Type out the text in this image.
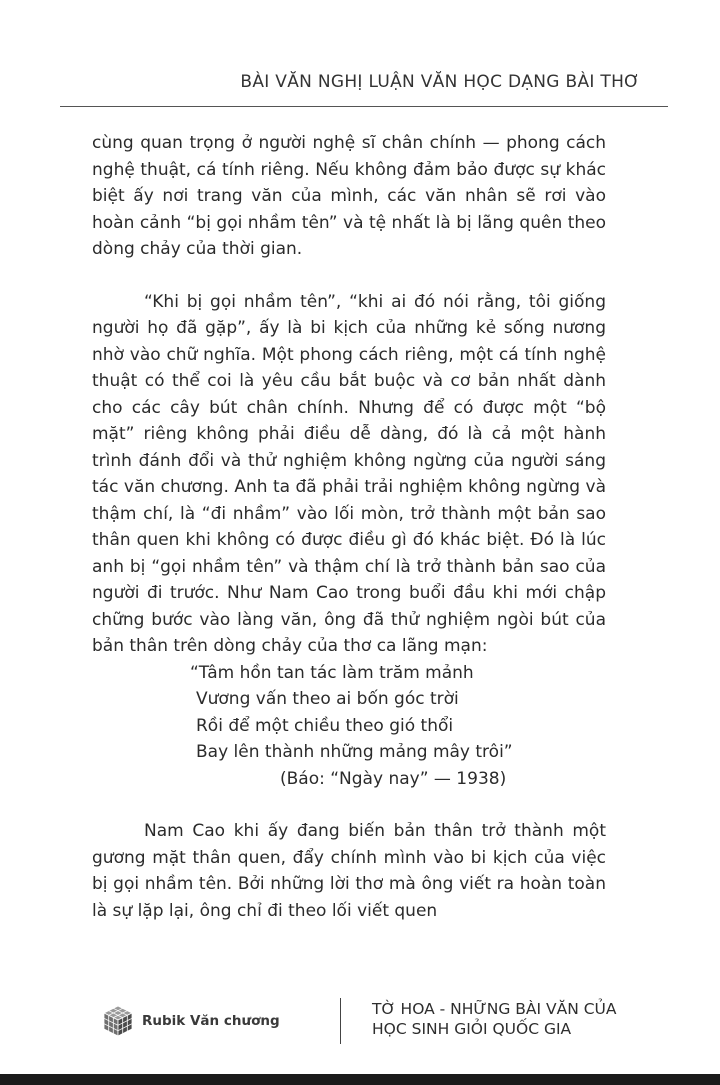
BÀI VĂN NGHỊ LUẬN VĂN HỌC DẠNG BÀI THƠ

cùng quan trọng ở người nghệ sĩ chân chính — phong cách nghệ thuật, cá tính riêng. Nếu không đảm bảo được sự khác biệt ấy nơi trang văn của mình, các văn nhân sẽ rơi vào hoàn cảnh “bị gọi nhầm tên” và tệ nhất là bị lãng quên theo dòng chảy của thời gian.

“Khi bị gọi nhầm tên”, “khi ai đó nói rằng, tôi giống người họ đã gặp”, ấy là bi kịch của những kẻ sống nương nhờ vào chữ nghĩa. Một phong cách riêng, một cá tính nghệ thuật có thể coi là yêu cầu bắt buộc và cơ bản nhất dành cho các cây bút chân chính. Nhưng để có được một “bộ mặt” riêng không phải điều dễ dàng, đó là cả một hành trình đánh đổi và thử nghiệm không ngừng của người sáng tác văn chương. Anh ta đã phải trải nghiệm không ngừng và thậm chí, là “đi nhầm” vào lối mòn, trở thành một bản sao thân quen khi không có được điều gì đó khác biệt. Đó là lúc anh bị “gọi nhầm tên” và thậm chí là trở thành bản sao của người đi trước. Như Nam Cao trong buổi đầu khi mới chập chững bước vào làng văn, ông đã thử nghiệm ngòi bút của bản thân trên dòng chảy của thơ ca lãng mạn:

“Tâm hồn tan tác làm trăm mảnh
Vương vấn theo ai bốn góc trời
Rồi để một chiều theo gió thổi
Bay lên thành những mảng mây trôi”
(Báo: “Ngày nay” — 1938)

Nam Cao khi ấy đang biến bản thân trở thành một gương mặt thân quen, đẩy chính mình vào bi kịch của việc bị gọi nhầm tên. Bởi những lời thơ mà ông viết ra hoàn toàn là sự lặp lại, ông chỉ đi theo lối viết quen

Rubik Văn chương
TỜ HOA - NHỮNG BÀI VĂN CỦA
HỌC SINH GIỎI QUỐC GIA
